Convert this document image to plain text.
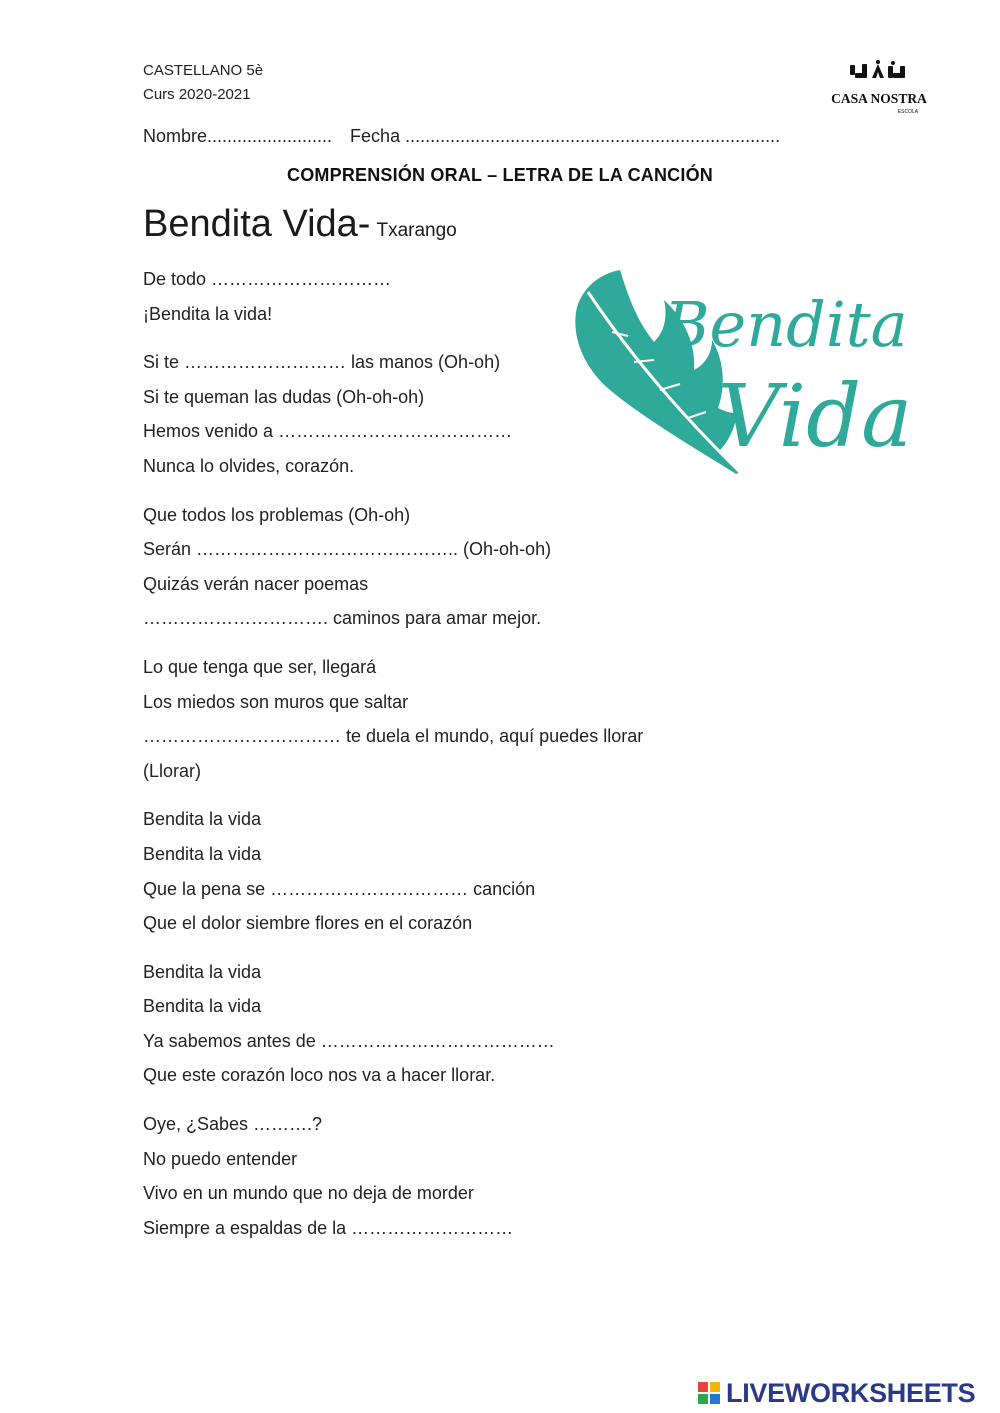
CASTELLANO 5è
Curs 2020-2021	CASA NOSTRA
ESCOLA
Nombre......................... Fecha ...........................................................................
COMPRENSIÓN ORAL – LETRA DE LA CANCIÓN
Bendita Vida- Txarango
Bendita
Vida
De todo …………………………
¡Bendita la vida!
Si te ……………………… las manos (Oh-oh)
Si te queman las dudas (Oh-oh-oh)
Hemos venido a …………………………………
Nunca lo olvides, corazón.
Que todos los problemas (Oh-oh)
Serán …………………………………….. (Oh-oh-oh)
Quizás verán nacer poemas
…………………………. caminos para amar mejor.
Lo que tenga que ser, llegará
Los miedos son muros que saltar
…………………………… te duela el mundo, aquí puedes llorar
(Llorar)
Bendita la vida
Bendita la vida
Que la pena se …………………………… canción
Que el dolor siembre flores en el corazón
Bendita la vida
Bendita la vida
Ya sabemos antes de …………………………………
Que este corazón loco nos va a hacer llorar.
Oye, ¿Sabes ……….?
No puedo entender
Vivo en un mundo que no deja de morder
Siempre a espaldas de la ………………………
LIVEWORKSHEETS
